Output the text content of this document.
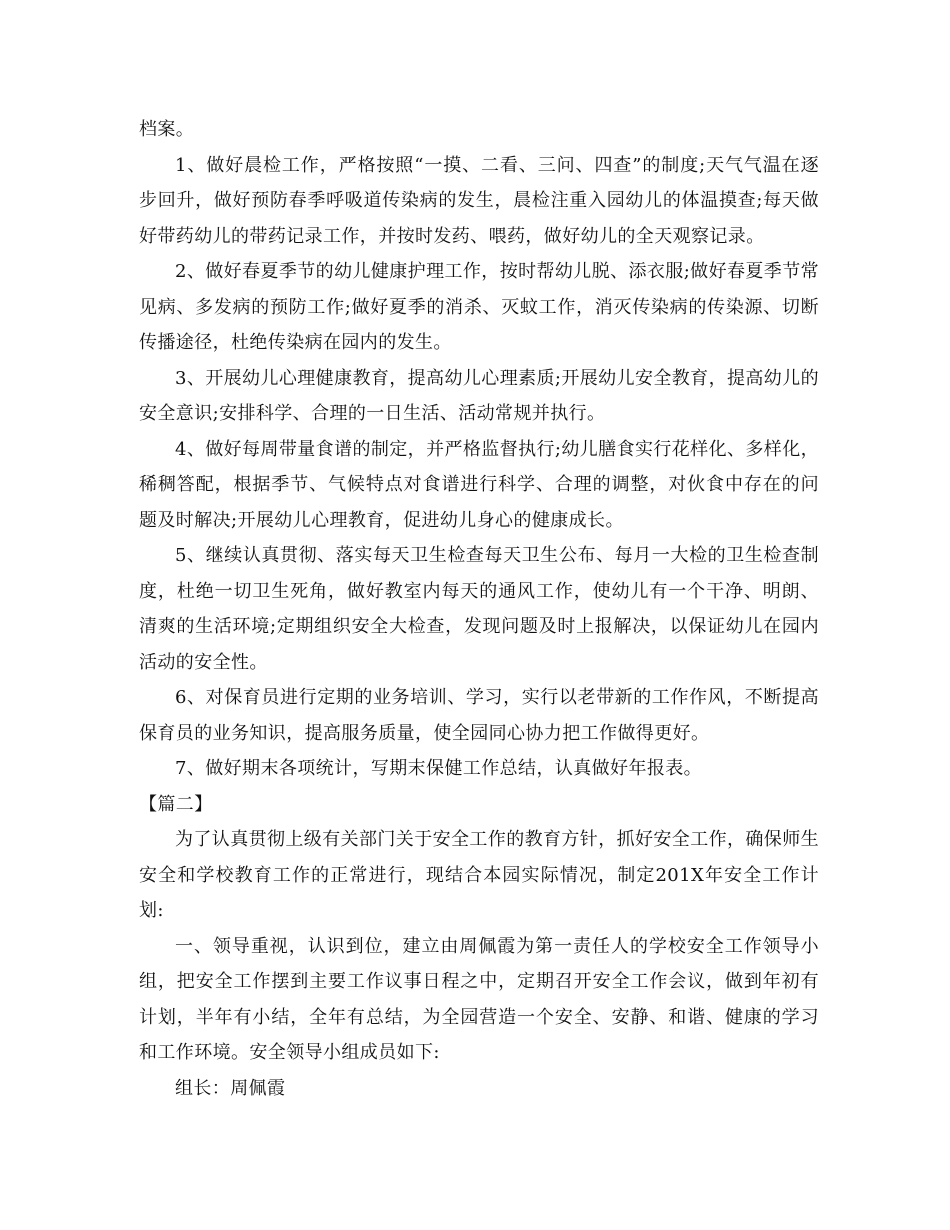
档案。

1、做好晨检工作，严格按照“一摸、二看、三问、四查”的制度;天气气温在逐步回升，做好预防春季呼吸道传染病的发生，晨检注重入园幼儿的体温摸查;每天做好带药幼儿的带药记录工作，并按时发药、喂药，做好幼儿的全天观察记录。

2、做好春夏季节的幼儿健康护理工作，按时帮幼儿脱、添衣服;做好春夏季节常见病、多发病的预防工作;做好夏季的消杀、灭蚊工作，消灭传染病的传染源、切断传播途径，杜绝传染病在园内的发生。

3、开展幼儿心理健康教育，提高幼儿心理素质;开展幼儿安全教育，提高幼儿的安全意识;安排科学、合理的一日生活、活动常规并执行。

4、做好每周带量食谱的制定，并严格监督执行;幼儿膳食实行花样化、多样化，稀稠答配，根据季节、气候特点对食谱进行科学、合理的调整，对伙食中存在的问题及时解决;开展幼儿心理教育，促进幼儿身心的健康成长。

5、继续认真贯彻、落实每天卫生检查每天卫生公布、每月一大检的卫生检查制度，杜绝一切卫生死角，做好教室内每天的通风工作，使幼儿有一个干净、明朗、清爽的生活环境;定期组织安全大检查，发现问题及时上报解决，以保证幼儿在园内活动的安全性。

6、对保育员进行定期的业务培训、学习，实行以老带新的工作作风，不断提高保育员的业务知识，提高服务质量，使全园同心协力把工作做得更好。

7、做好期末各项统计，写期末保健工作总结，认真做好年报表。

【篇二】

为了认真贯彻上级有关部门关于安全工作的教育方针，抓好安全工作，确保师生安全和学校教育工作的正常进行，现结合本园实际情况，制定201X年安全工作计划:

一、领导重视，认识到位，建立由周佩霞为第一责任人的学校安全工作领导小组，把安全工作摆到主要工作议事日程之中，定期召开安全工作会议，做到年初有计划，半年有小结，全年有总结，为全园营造一个安全、安静、和谐、健康的学习和工作环境。安全领导小组成员如下:

组长：周佩霞
